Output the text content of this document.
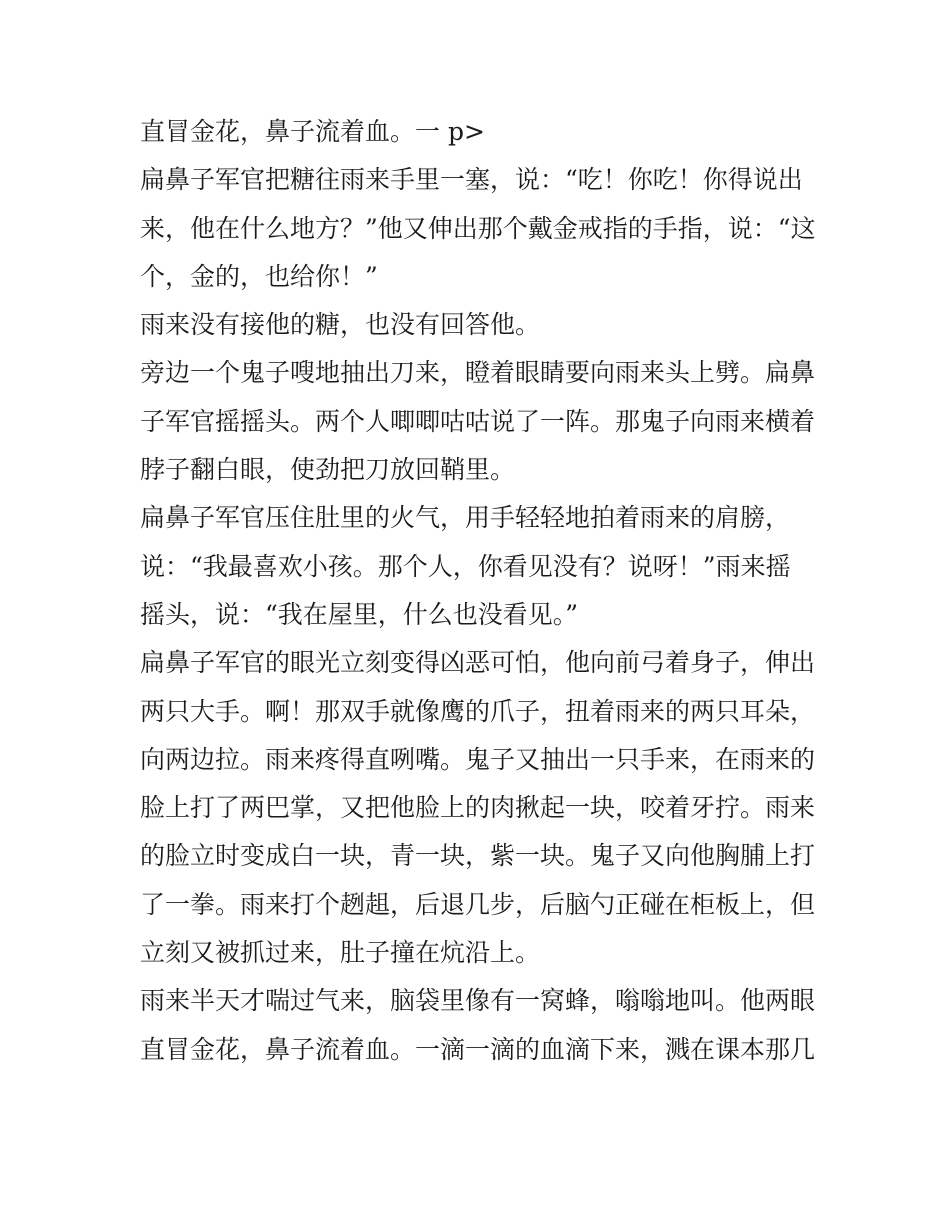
直冒金花，鼻子流着血。一 p>

扁鼻子军官把糖往雨来手里一塞，说：“吃！你吃！你得说出
来，他在什么地方？”他又伸出那个戴金戒指的手指，说：“这
个，金的，也给你！”

雨来没有接他的糖，也没有回答他。

旁边一个鬼子嗖地抽出刀来，瞪着眼睛要向雨来头上劈。扁鼻
子军官摇摇头。两个人唧唧咕咕说了一阵。那鬼子向雨来横着
脖子翻白眼，使劲把刀放回鞘里。

扁鼻子军官压住肚里的火气，用手轻轻地拍着雨来的肩膀，
说：“我最喜欢小孩。那个人，你看见没有？说呀！”雨来摇
摇头，说：“我在屋里，什么也没看见。”

扁鼻子军官的眼光立刻变得凶恶可怕，他向前弓着身子，伸出
两只大手。啊！那双手就像鹰的爪子，扭着雨来的两只耳朵，
向两边拉。雨来疼得直咧嘴。鬼子又抽出一只手来，在雨来的
脸上打了两巴掌，又把他脸上的肉揪起一块，咬着牙拧。雨来
的脸立时变成白一块，青一块，紫一块。鬼子又向他胸脯上打
了一拳。雨来打个趔趄，后退几步，后脑勺正碰在柜板上，但
立刻又被抓过来，肚子撞在炕沿上。

雨来半天才喘过气来，脑袋里像有一窝蜂，嗡嗡地叫。他两眼
直冒金花，鼻子流着血。一滴一滴的血滴下来，溅在课本那几
